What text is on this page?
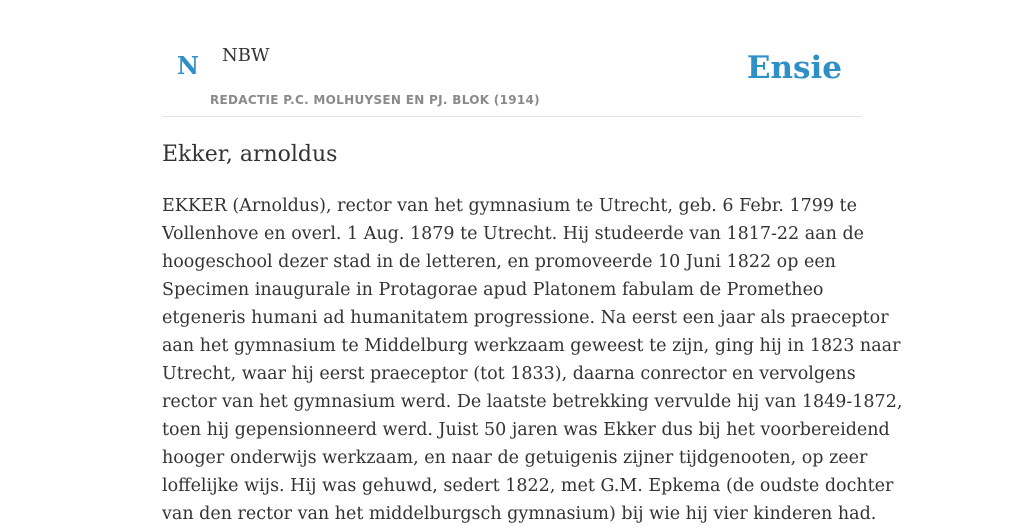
N NBW
REDACTIE P.C. MOLHUYSEN EN PJ. BLOK (1914)
Ensie
Ekker, arnoldus

EKKER (Arnoldus), rector van het gymnasium te Utrecht, geb. 6 Febr. 1799 te
Vollenhove en overl. 1 Aug. 1879 te Utrecht. Hij studeerde van 1817-22 aan de
hoogeschool dezer stad in de letteren, en promoveerde 10 Juni 1822 op een
Specimen inaugurale in Protagorae apud Platonem fabulam de Prometheo
etgeneris humani ad humanitatem progressione. Na eerst een jaar als praeceptor
aan het gymnasium te Middelburg werkzaam geweest te zijn, ging hij in 1823 naar
Utrecht, waar hij eerst praeceptor (tot 1833), daarna conrector en vervolgens
rector van het gymnasium werd. De laatste betrekking vervulde hij van 1849-1872,
toen hij gepensionneerd werd. Juist 50 jaren was Ekker dus bij het voorbereidend
hooger onderwijs werkzaam, en naar de getuigenis zijner tijdgenooten, op zeer
loffelijke wijs. Hij was gehuwd, sedert 1822, met G.M. Epkema (de oudste dochter
van den rector van het middelburgsch gymnasium) bij wie hij vier kinderen had.
